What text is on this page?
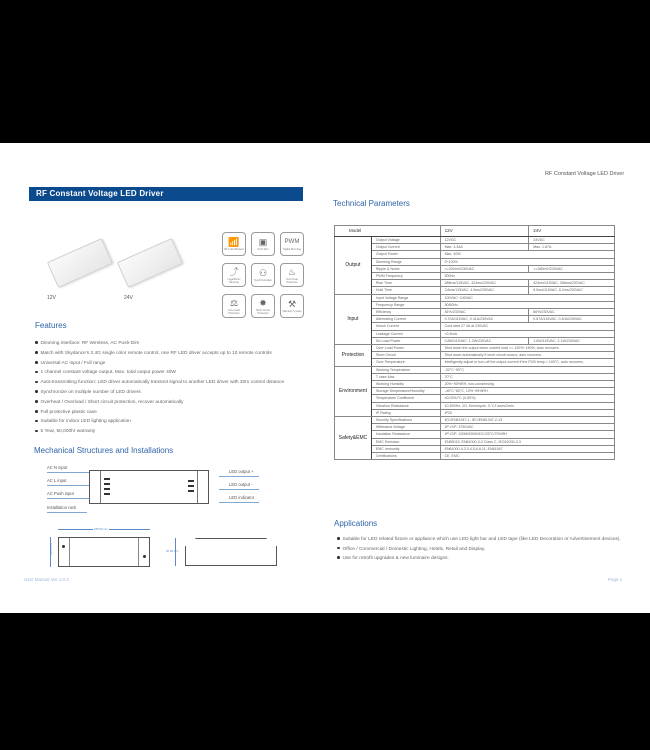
RF Constant Voltage LED Driver
RF Constant Voltage LED Driver
12V	24V
📶
RF 2.4G Wireless
▣
Push Dim
PWM
Digital Dimming
⤴
Logarithmic Dimming
⚇
Synchronization
♨
Over Heat Protection
⚖
Over Load Protection
✸
Short Circuit Protection
⚒
Warranty 5 years
Features
Dimming interface: RF Wireless, AC Push-Dim
Match with Skydance's 2.4G single color remote control, one RF LED driver accepts up to 10 remote controls
Universal AC input / Full range
1 channel constant voltage output, Max. total output power 40W
Auto-transmitting function: LED driver automatically transmit signal to another LED driver with 30m control distance
Synchronize on multiple number of LED drivers
Overheat / Overload / Short circuit protection, recover automatically
Full protective plastic case
Suitable for indoor LED lighting application
5 Year, 50,000hr warranty
Mechanical Structures and Installations
AC N input
AC L input
AC Push input
Installation rack
LED output +
LED output -
LED indicator
188.50 mm
44.00 mm	30.00 mm
Technical Parameters
Model		12V	24V
Output	Output Voltage	12VDC	24VDC
	Output Current	Max. 3.34A	Max. 1.67A
	Output Power	Max. 40W	
	Dimming Range	0~100%	
	Ripple & Noise	<=200mV/230VAC	<=280mV/230VAC
	PWM Frequency	500Hz	
	Rise Time	488ms/115VAC, 424ms/230VAC	424ms/115VAC, 368ms/230VAC
	Hold Time	3.6ms/115VAC, 4.5ms/230VAC	6.5ms/115VAC, 8.2ms/230VAC
Input	Input Voltage Range	100VAC~240VAC	
	Frequency Range	50/60Hz	
	Efficiency	81%/230VAC	86%/230VAC
	Alternating Current	0.70A/115VAC, 0.41A/230VAC	0.67A/115VAC, 0.40A/230VAC
	Inrush Current	Cold start 27.3A at 230VAC	
	Leakage Current	<0.5mA	
	No Load Power	0.8W/115VAC, 1.2W/230VAC	1.6W/115VAC, 2.1W/230VAC
Protection	Over Load Power	Shut down the output when current load >= 120%~150%, auto recovers.	
	Short Circuit	Shut down automatically if short circuit occurs, auto recovers.	
	Over Temperature	Intelligently adjust or turn off the output current if the PCB temp > 100°C, auto recovers.	
Environment	Working Temperature	-30°C~50°C	
	T case Max	70°C	
	Working Humidity	20%~90%RH, non-condensing	
	Storage Temperature/Humidity	-40°C~80°C, 10%~95%RH	
	Temperature Coefficient	±0.03%/°C (0-50%)	
	Vibration Resistance	10-500Hz, 2G, 6min/cycle, X,Y,Z axes/2min	
	IP Rating	IP20	
Safety&EMC	Security Specifications	IEC/EN61347-1, IEC/EN61347-2-13	
	Withstand Voltage	I/P-O/P: 3750VAC	
	Insulation Resistance	I/P-O/P: 100MΩ/500VDC/25°C/70%RH	
	EMC Emission	EN55015, EN61000-3-2 Class C, IEC61000-3-3	
	EMC Immunity	EN61000-4-2,3,4,5,6,8,11, EN61547	
	Certifications	CE, EMC	
Applications
Suitable for LED related fixture or appliance which use LED light bar and LED tape (like LED Decoration or Advertisement devices).
Office / Commercial / Domestic Lighting, Hotels, Retail and Display.
Use for retrofit upgrades & new luminaire designs.
User Manual Ver 1.0.3	Page 1
